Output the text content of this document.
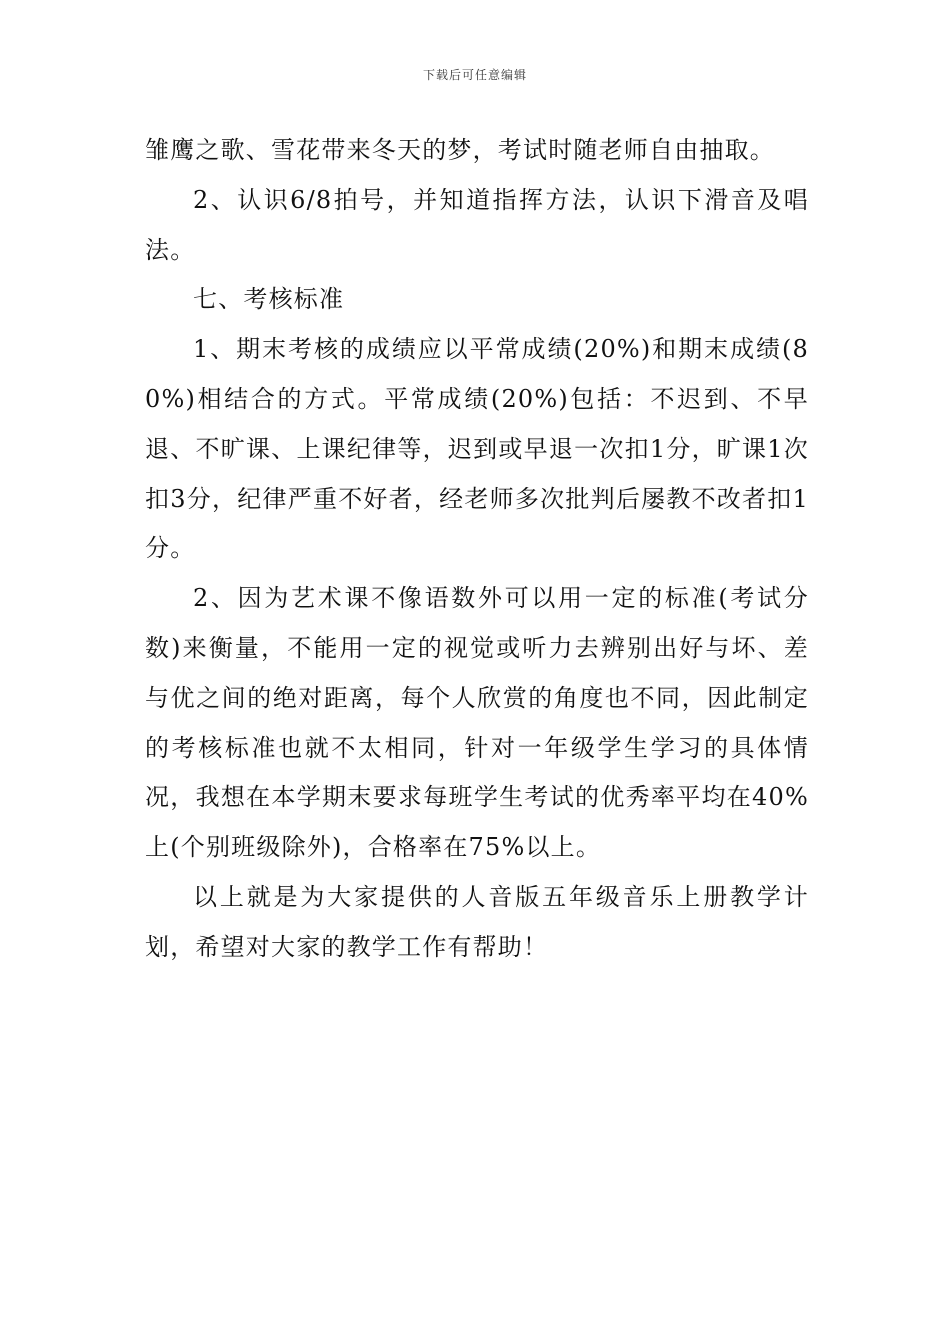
下载后可任意编辑

雏鹰之歌、雪花带来冬天的梦，考试时随老师自由抽取。

2、认识6/8拍号，并知道指挥方法，认识下滑音及唱法。

七、考核标准

1、期末考核的成绩应以平常成绩(20%)和期末成绩(80%)相结合的方式。平常成绩(20%)包括：不迟到、不早退、不旷课、上课纪律等，迟到或早退一次扣1分，旷课1次扣3分，纪律严重不好者，经老师多次批判后屡教不改者扣1分。

2、因为艺术课不像语数外可以用一定的标准(考试分数)来衡量，不能用一定的视觉或听力去辨别出好与坏、差与优之间的绝对距离，每个人欣赏的角度也不同，因此制定的考核标准也就不太相同，针对一年级学生学习的具体情况，我想在本学期末要求每班学生考试的优秀率平均在40%上(个别班级除外)，合格率在75%以上。

以上就是为大家提供的人音版五年级音乐上册教学计划，希望对大家的教学工作有帮助！
